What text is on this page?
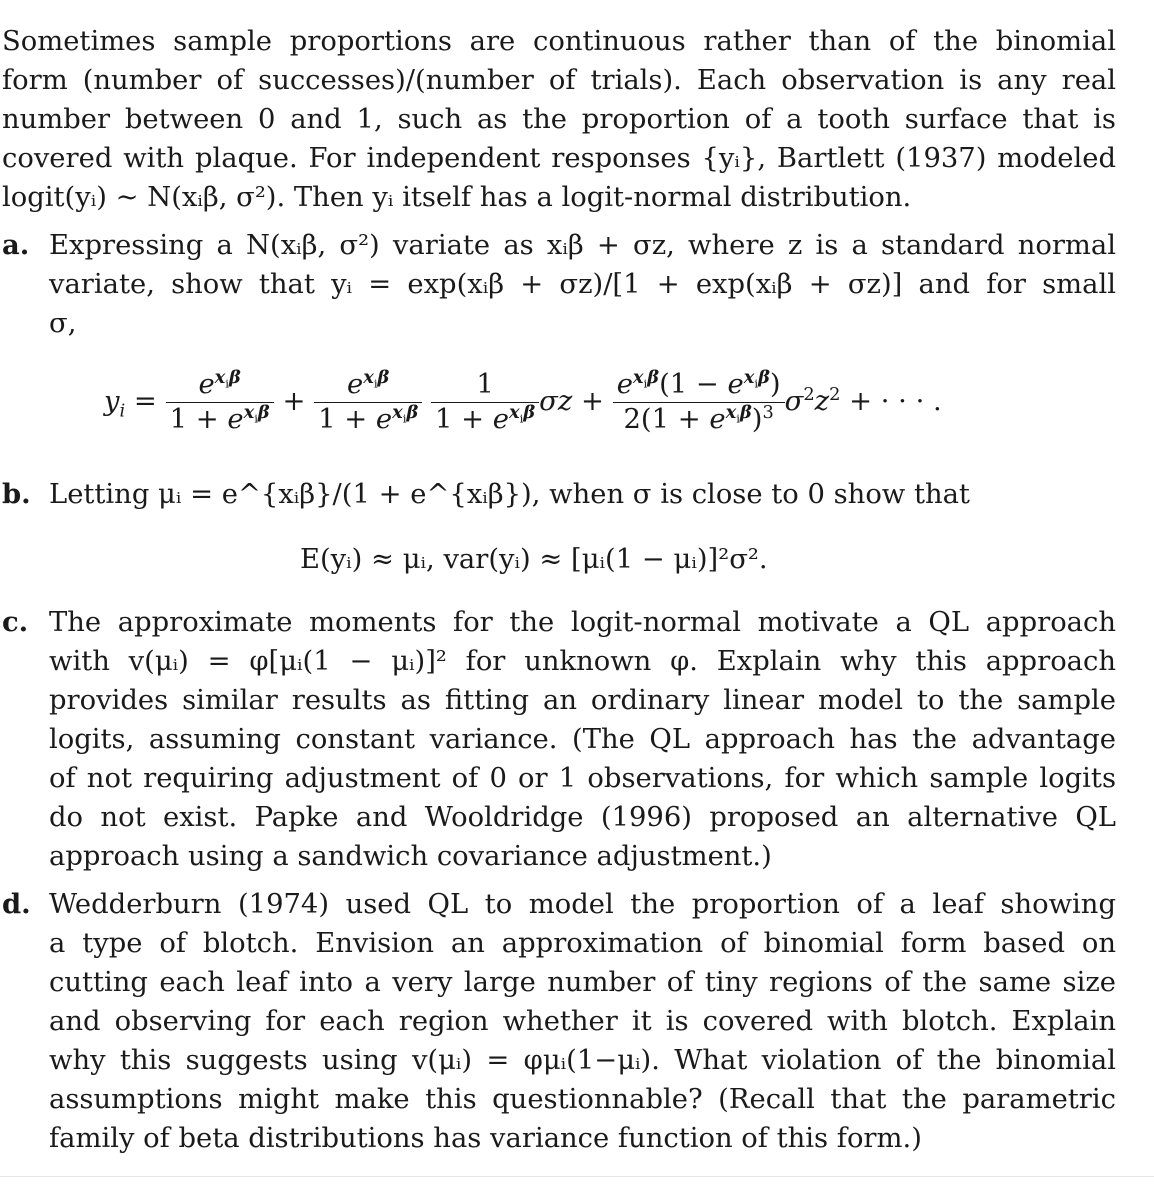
Sometimes sample proportions are continuous rather than of the binomial
form (number of successes)/(number of trials). Each observation is any real
number between 0 and 1, such as the proportion of a tooth surface that is
covered with plaque. For independent responses {yᵢ}, Bartlett (1937) modeled
logit(yᵢ) ∼ N(xᵢβ, σ²). Then yᵢ itself has a logit-normal distribution.
a. Expressing a N(xᵢβ, σ²) variate as xᵢβ + σz, where z is a standard normal
variate, show that yᵢ = exp(xᵢβ + σz)/[1 + exp(xᵢβ + σz)] and for small
σ,
$y_i = \frac{e^{x_i\beta}}{1 + e^{x_i\beta}} + \frac{e^{x_i\beta}}{1 + e^{x_i\beta}}$
$\frac{1}{1 + e^{x_i\beta}}$ $\sigma z + \frac{e^{x_i\beta}(1 - e^{x_i\beta})}{2(1 + e^{x_i\beta})^3} \sigma^2z^2$ + · · · .
b. Letting μᵢ = e^{xᵢβ}/(1 + e^{xᵢβ}), when σ is close to 0 show that
E(yᵢ) ≈ μᵢ, var(yᵢ) ≈ [μᵢ(1 − μᵢ)]²σ².
c. The approximate moments for the logit-normal motivate a QL approach
with v(μᵢ) = φ[μᵢ(1 − μᵢ)]² for unknown φ. Explain why this approach
provides similar results as fitting an ordinary linear model to the sample
logits, assuming constant variance. (The QL approach has the advantage
of not requiring adjustment of 0 or 1 observations, for which sample logits
do not exist. Papke and Wooldridge (1996) proposed an alternative QL
approach using a sandwich covariance adjustment.)
d. Wedderburn (1974) used QL to model the proportion of a leaf showing
a type of blotch. Envision an approximation of binomial form based on
cutting each leaf into a very large number of tiny regions of the same size
and observing for each region whether it is covered with blotch. Explain
why this suggests using v(μᵢ) = φμᵢ(1−μᵢ). What violation of the binomial
assumptions might make this questionnable? (Recall that the parametric
family of beta distributions has variance function of this form.)
